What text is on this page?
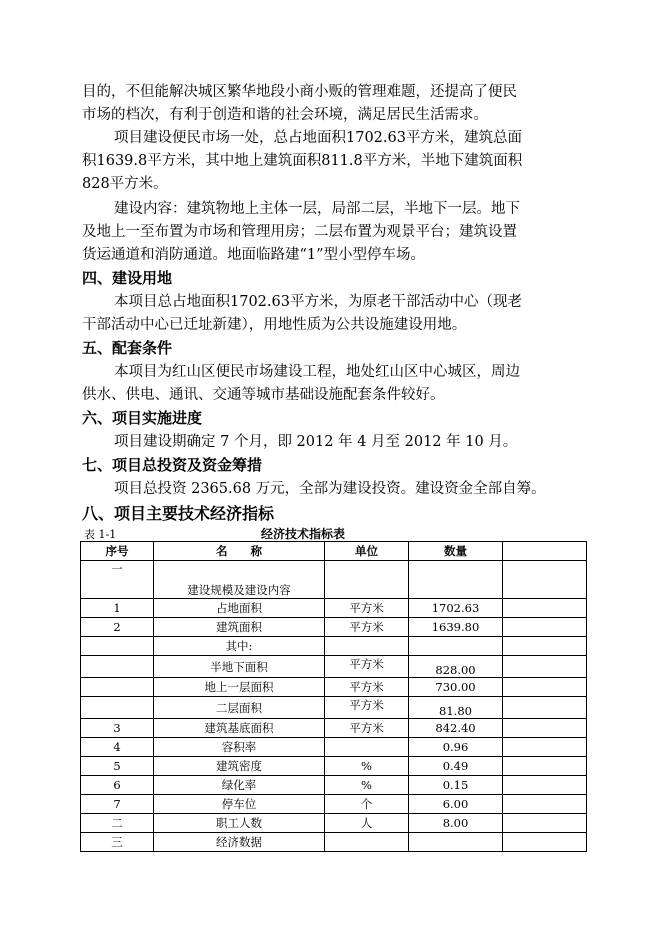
目的，不但能解决城区繁华地段小商小贩的管理难题，还提高了便民
市场的档次，有利于创造和谐的社会环境，满足居民生活需求。
项目建设便民市场一处，总占地面积1702.63平方米，建筑总面
积1639.8平方米，其中地上建筑面积811.8平方米，半地下建筑面积
828平方米。
建设内容：建筑物地上主体一层，局部二层，半地下一层。地下
及地上一至布置为市场和管理用房；二层布置为观景平台；建筑设置
货运通道和消防通道。地面临路建“1”型小型停车场。
四、建设用地
本项目总占地面积1702.63平方米，为原老干部活动中心（现老
干部活动中心已迁址新建），用地性质为公共设施建设用地。
五、配套条件
本项目为红山区便民市场建设工程，地处红山区中心城区，周边
供水、供电、通讯、交通等城市基础设施配套条件较好。
六、项目实施进度
项目建设期确定 7 个月，即 2012 年 4 月至 2012 年 10 月。
七、项目总投资及资金筹措
项目总投资 2365.68 万元，全部为建设投资。建设资金全部自筹。
八、项目主要技术经济指标
表 1-1	经济技术指标表
序号	名　　称	单位	数量	
一	建设规模及建设内容			
1	占地面积	平方米	1702.63	
2	建筑面积	平方米	1639.80	
	其中:			
	半地下面积	平方米	828.00	
	地上一层面积	平方米	730.00	
	二层面积	平方米	81.80	
3	建筑基底面积	平方米	842.40	
4	容积率		0.96	
5	建筑密度	%	0.49	
6	绿化率	%	0.15	
7	停车位	个	6.00	
二	职工人数	人	8.00	
三	经济数据			
